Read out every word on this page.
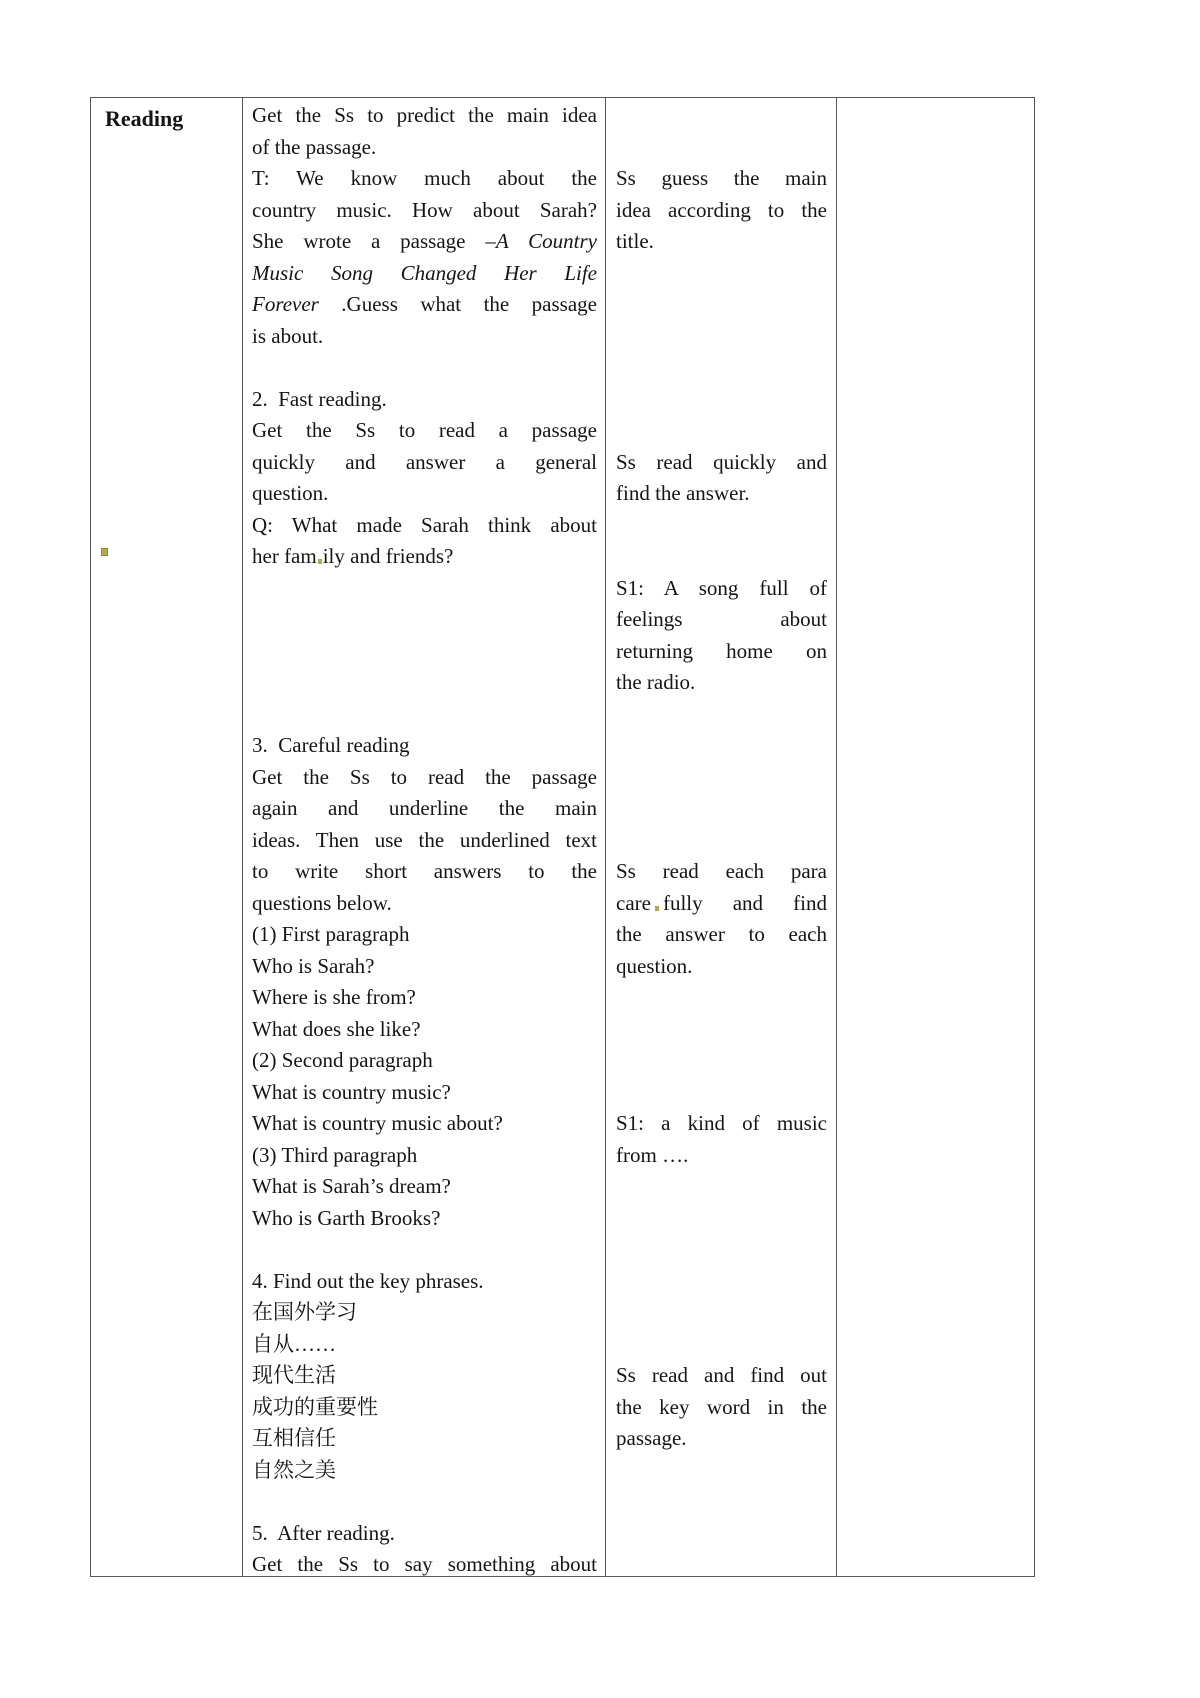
Reading	Get the Ss to predict the main idea
of the passage.
T: We know much about the
country music. How about Sarah?
She wrote a passage –A Country
Music Song Changed Her Life
Forever .Guess what the passage
is about.

2.  Fast reading.
Get the Ss to read a passage
quickly and answer a general
question.
Q: What made Sarah think about
her fam ily and friends?

3.  Careful reading
Get the Ss to read the passage
again and underline the main
ideas. Then use the underlined text
to write short answers to the
questions below.
(1) First paragraph
Who is Sarah?
Where is she from?
What does she like?
(2) Second paragraph
What is country music?
What is country music about?
(3) Third paragraph
What is Sarah’s dream?
Who is Garth Brooks?

4. Find out the key phrases.
在国外学习
自从……
现代生活
成功的重要性
互相信任
自然之美

5.  After reading.
Get the Ss to say something about

Ss guess the main
idea according to the
title.

Ss read quickly and
find the answer.

S1: A song full of
feelings about
returning home on
the radio.

Ss read each para
care fully and find
the answer to each
question.

S1: a kind of music
from ….

Ss read and find out
the key word in the
passage.
